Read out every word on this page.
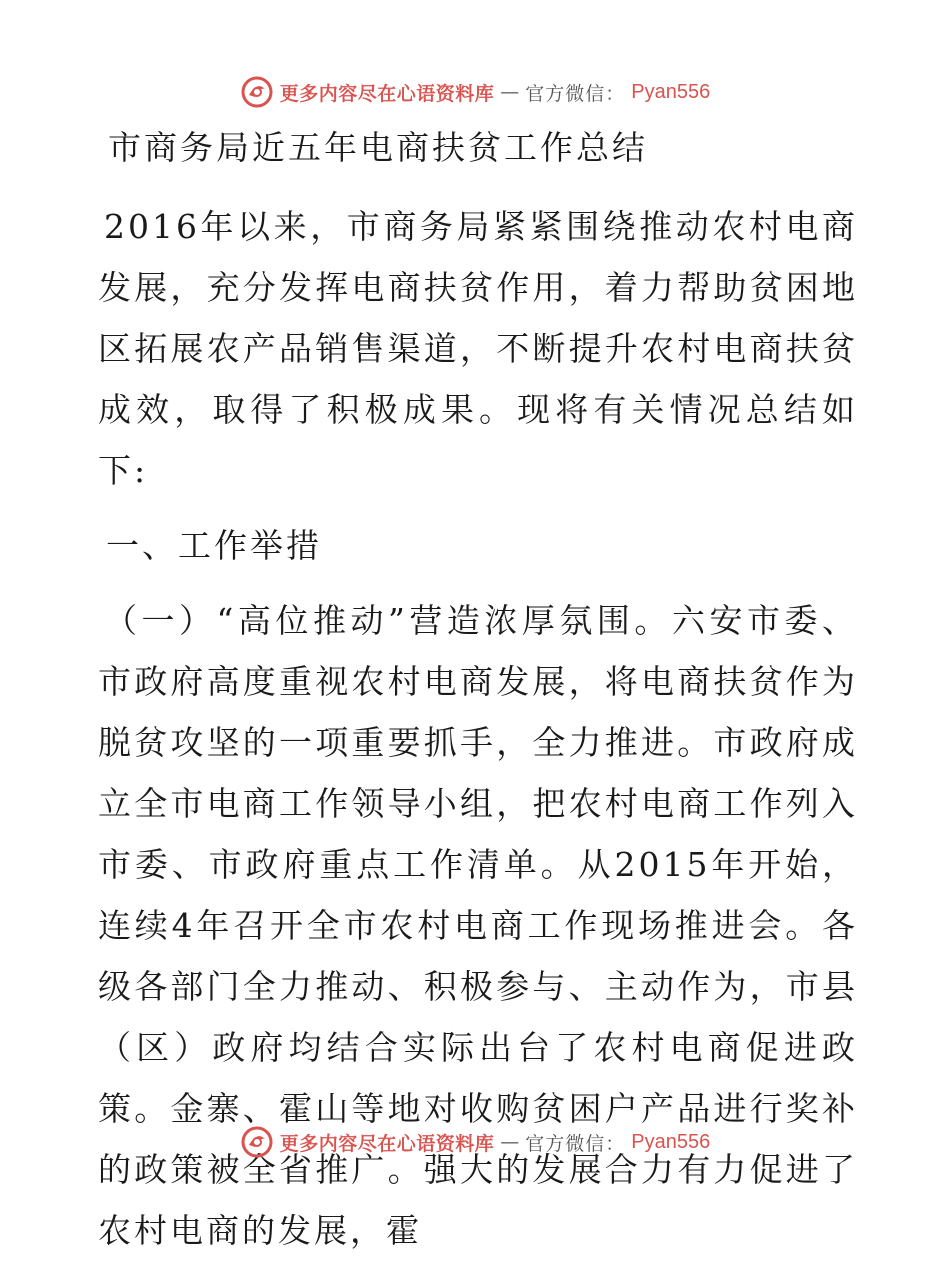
更多内容尽在心语资料库 — 官方微信： Pyan556
市商务局近五年电商扶贫工作总结

2016年以来，市商务局紧紧围绕推动农村电商发展，充分发挥电商扶贫作用，着力帮助贫困地区拓展农产品销售渠道，不断提升农村电商扶贫成效，取得了积极成果。现将有关情况总结如下:

一、工作举措

（一）“高位推动”营造浓厚氛围。六安市委、市政府高度重视农村电商发展，将电商扶贫作为脱贫攻坚的一项重要抓手，全力推进。市政府成立全市电商工作领导小组，把农村电商工作列入市委、市政府重点工作清单。从2015年开始，连续4年召开全市农村电商工作现场推进会。各级各部门全力推动、积极参与、主动作为，市县（区）政府均结合实际出台了农村电商促进政策。金寨、霍山等地对收购贫困户产品进行奖补的政策被全省推广。强大的发展合力有力促进了农村电商的发展，霍

更多内容尽在心语资料库 — 官方微信： Pyan556
